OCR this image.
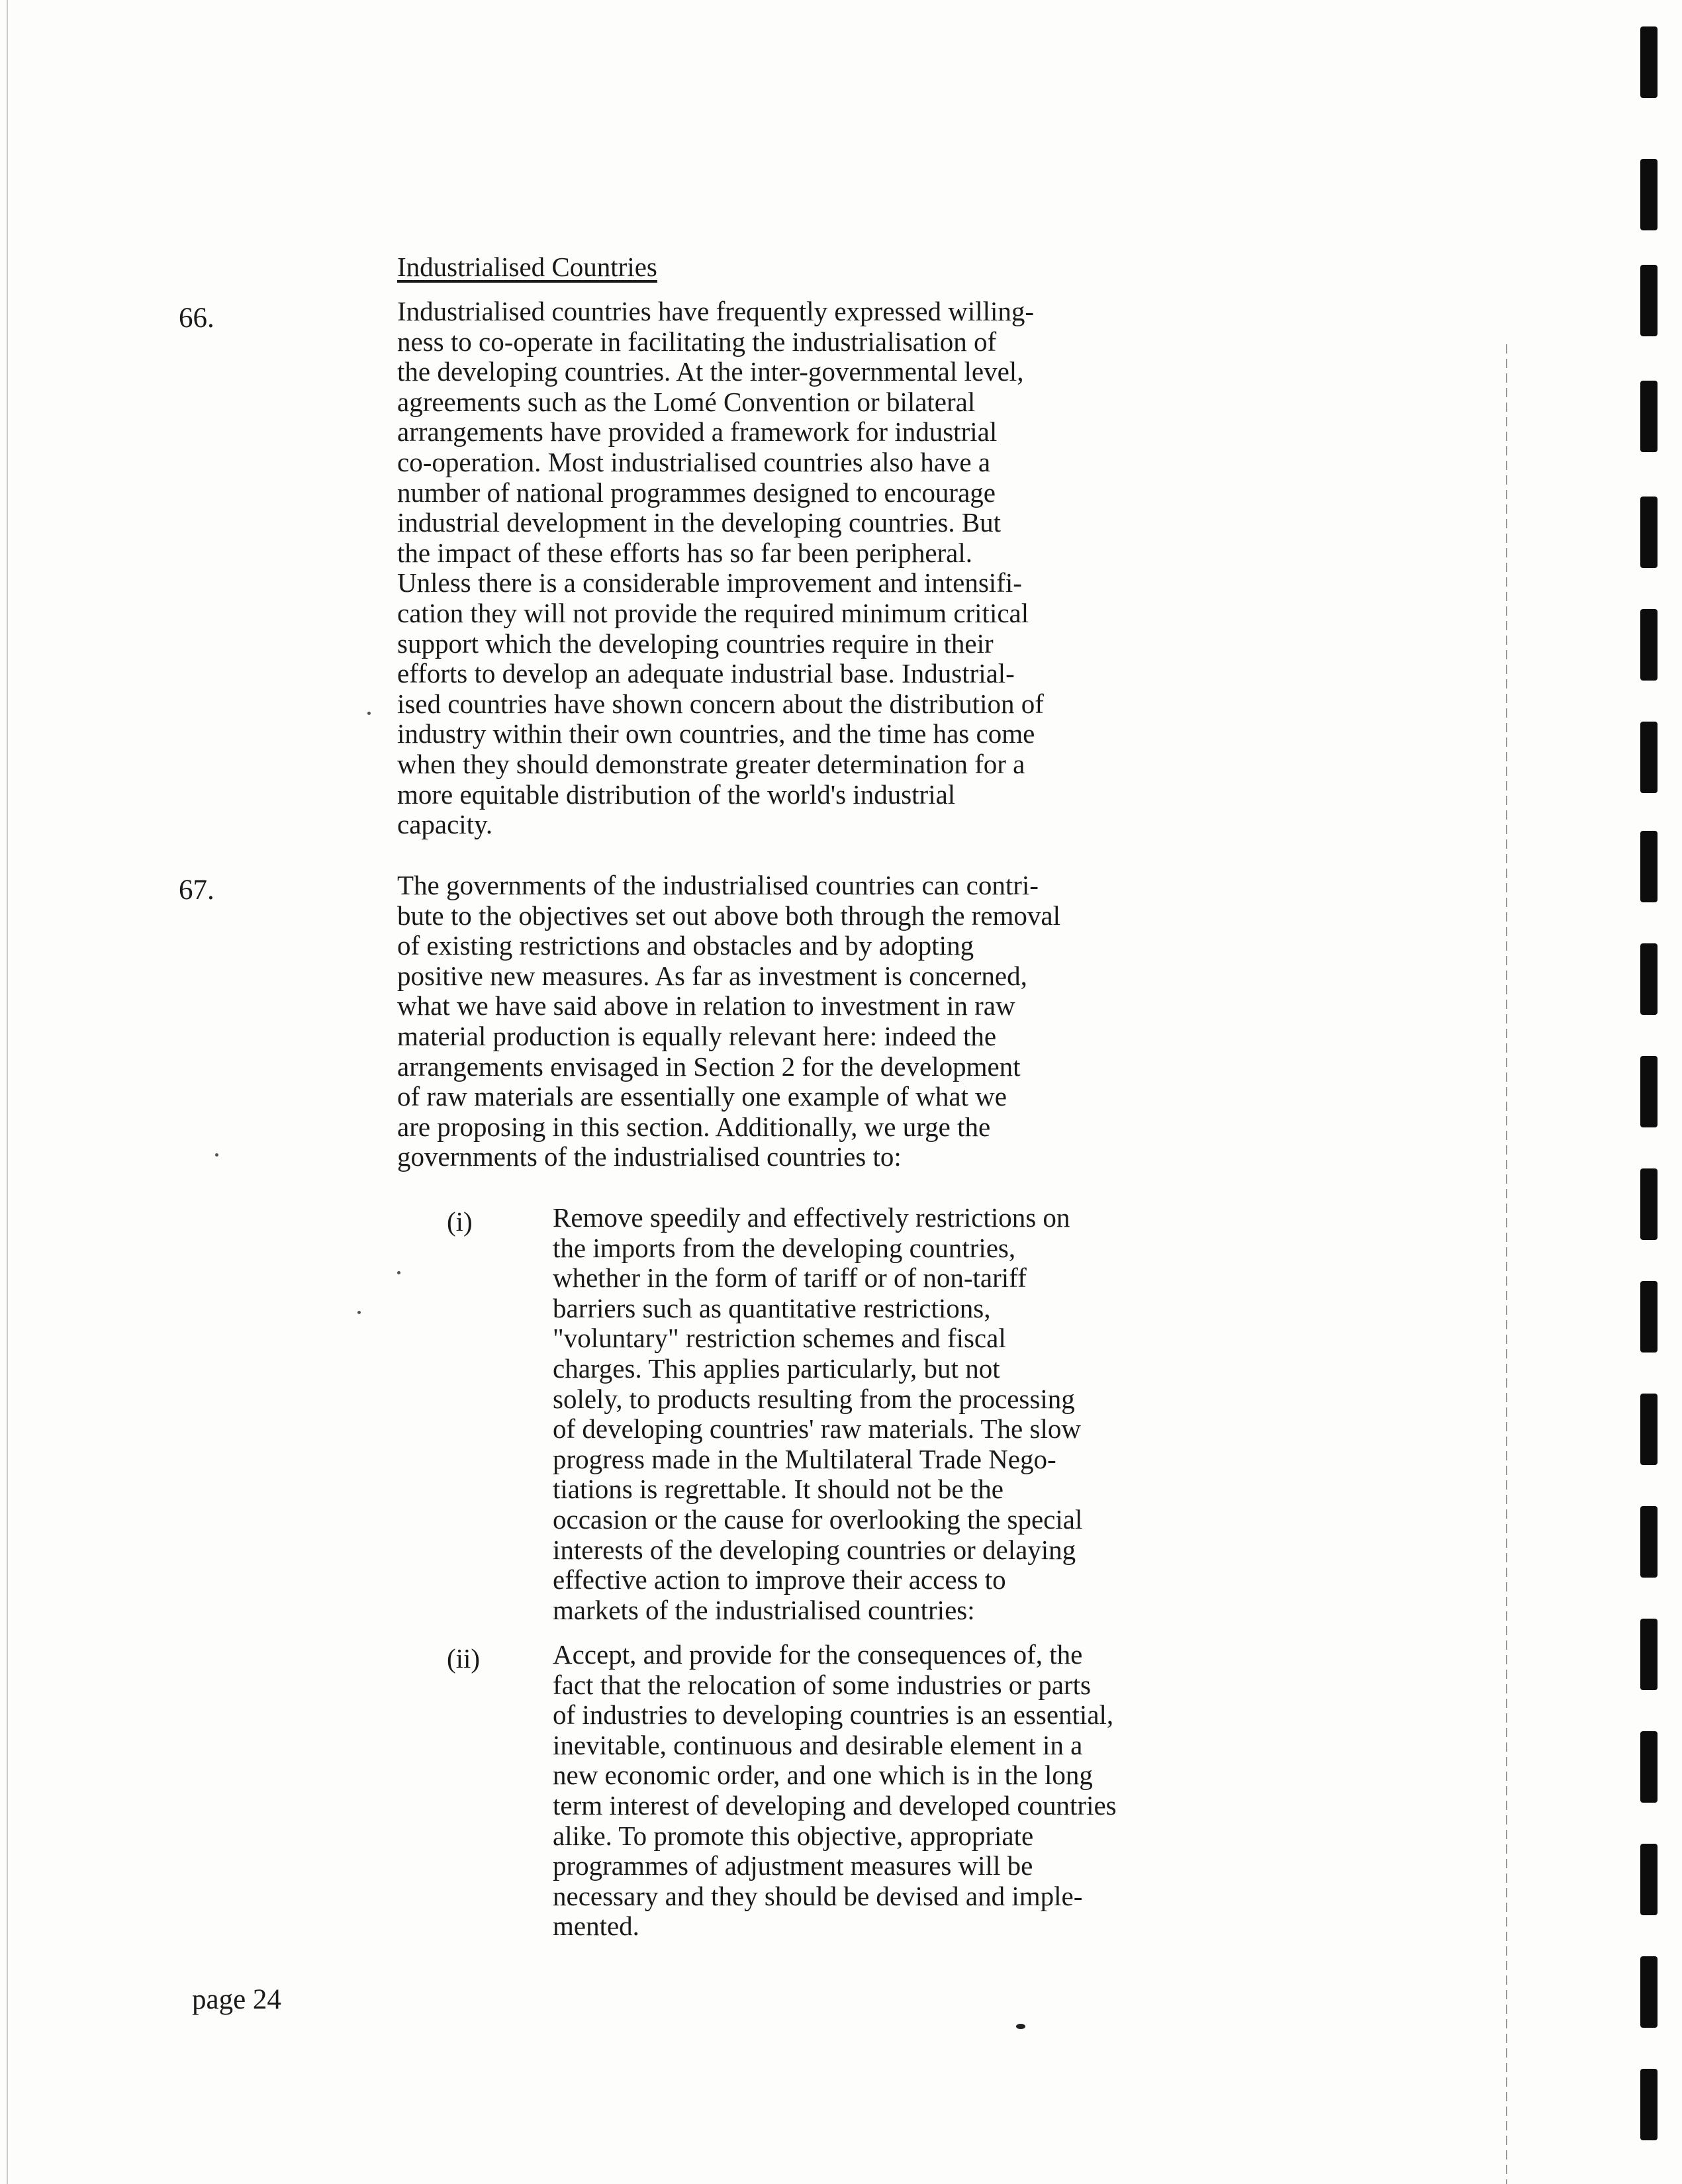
Industrialised Countries
66.	Industrialised countries have frequently expressed willing-
ness to co-operate in facilitating the industrialisation of
the developing countries. At the inter-governmental level,
agreements such as the Lomé Convention or bilateral
arrangements have provided a framework for industrial
co-operation. Most industrialised countries also have a
number of national programmes designed to encourage
industrial development in the developing countries. But
the impact of these efforts has so far been peripheral.
Unless there is a considerable improvement and intensifi-
cation they will not provide the required minimum critical
support which the developing countries require in their
efforts to develop an adequate industrial base. Industrial-
ised countries have shown concern about the distribution of
industry within their own countries, and the time has come
when they should demonstrate greater determination for a
more equitable distribution of the world's industrial
capacity.

67.	The governments of the industrialised countries can contri-
bute to the objectives set out above both through the removal
of existing restrictions and obstacles and by adopting
positive new measures. As far as investment is concerned,
what we have said above in relation to investment in raw
material production is equally relevant here: indeed the
arrangements envisaged in Section 2 for the development
of raw materials are essentially one example of what we
are proposing in this section. Additionally, we urge the
governments of the industrialised countries to:

(i)	Remove speedily and effectively restrictions on
the imports from the developing countries,
whether in the form of tariff or of non-tariff
barriers such as quantitative restrictions,
"voluntary" restriction schemes and fiscal
charges. This applies particularly, but not
solely, to products resulting from the processing
of developing countries' raw materials. The slow
progress made in the Multilateral Trade Nego-
tiations is regrettable. It should not be the
occasion or the cause for overlooking the special
interests of the developing countries or delaying
effective action to improve their access to
markets of the industrialised countries:

(ii)	Accept, and provide for the consequences of, the
fact that the relocation of some industries or parts
of industries to developing countries is an essential,
inevitable, continuous and desirable element in a
new economic order, and one which is in the long
term interest of developing and developed countries
alike. To promote this objective, appropriate
programmes of adjustment measures will be
necessary and they should be devised and imple-
mented.

page 24
